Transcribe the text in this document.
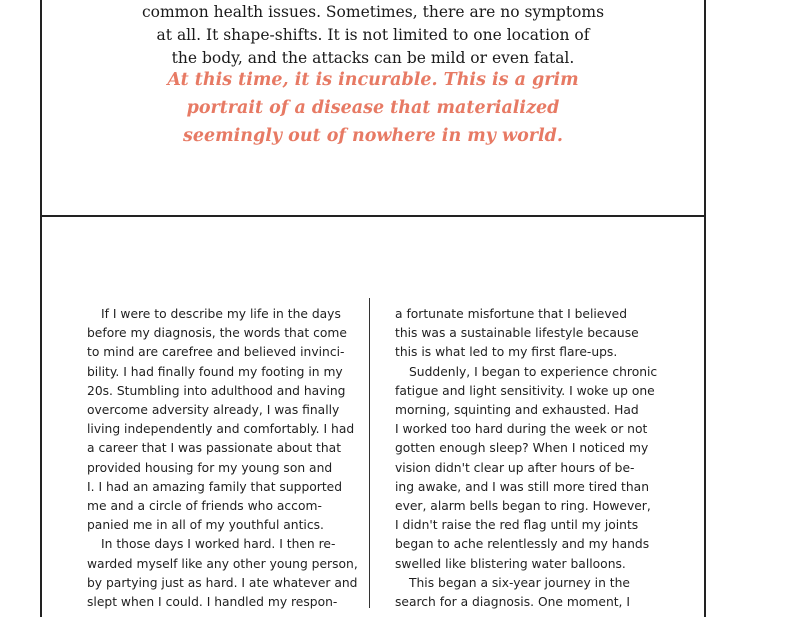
common health issues. Sometimes, there are no symptoms
at all. It shape-shifts. It is not limited to one location of
the body, and the attacks can be mild or even fatal.
At this time, it is incurable. This is a grim
portrait of a disease that materialized
seemingly out of nowhere in my world.
If I were to describe my life in the days
before my diagnosis, the words that come
to mind are carefree and believed invinci-
bility. I had finally found my footing in my
20s. Stumbling into adulthood and having
overcome adversity already, I was finally
living independently and comfortably. I had
a career that I was passionate about that
provided housing for my young son and
I. I had an amazing family that supported
me and a circle of friends who accom-
panied me in all of my youthful antics.
In those days I worked hard. I then re-
warded myself like any other young person,
by partying just as hard. I ate whatever and
slept when I could. I handled my respon-
a fortunate misfortune that I believed
this was a sustainable lifestyle because
this is what led to my first flare-ups.
Suddenly, I began to experience chronic
fatigue and light sensitivity. I woke up one
morning, squinting and exhausted. Had
I worked too hard during the week or not
gotten enough sleep? When I noticed my
vision didn't clear up after hours of be-
ing awake, and I was still more tired than
ever, alarm bells began to ring. However,
I didn't raise the red flag until my joints
began to ache relentlessly and my hands
swelled like blistering water balloons.
This began a six-year journey in the
search for a diagnosis. One moment, I
